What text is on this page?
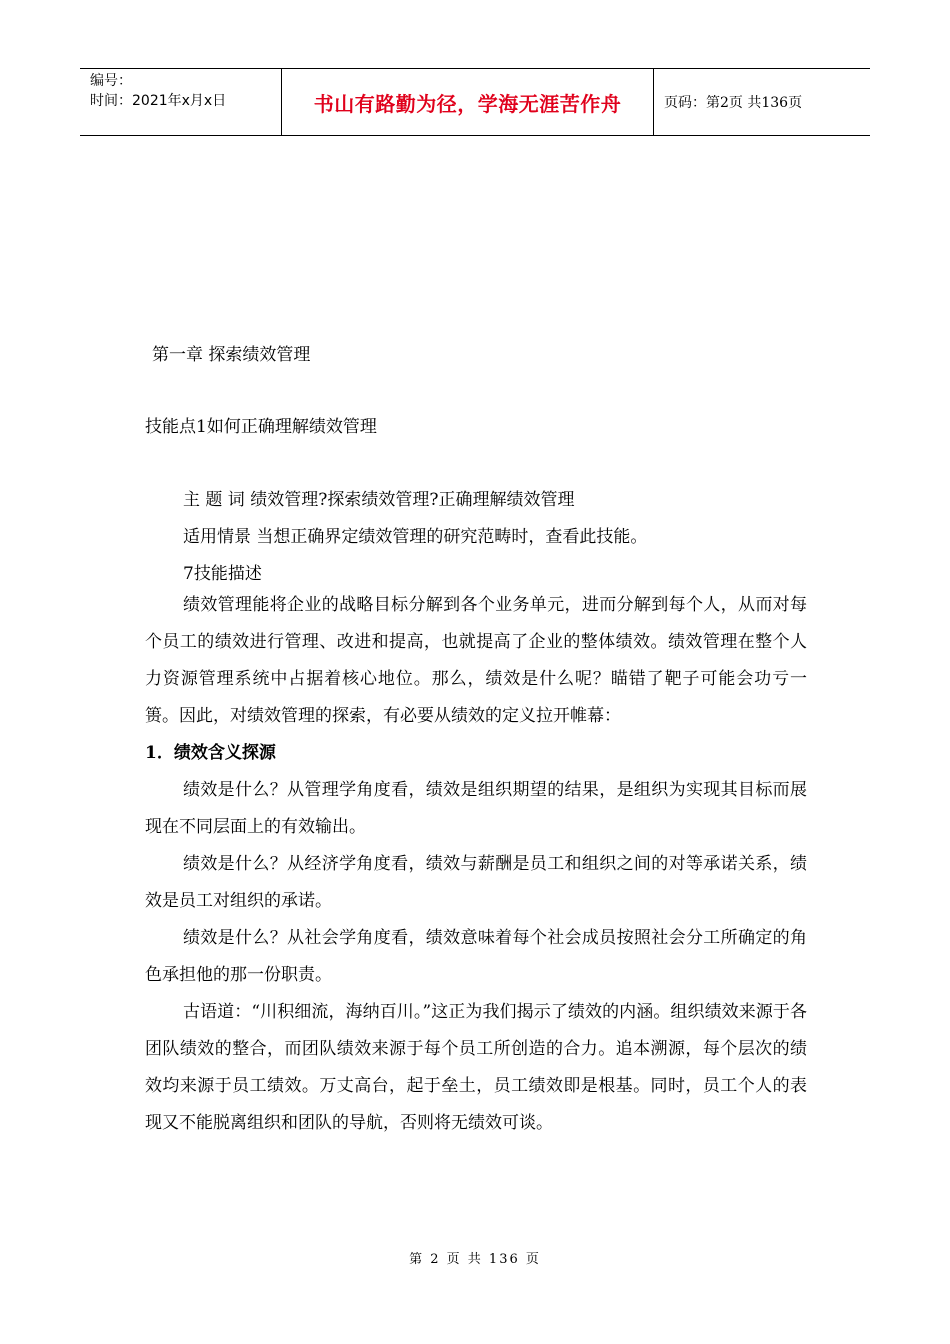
编号：
时间：2021年x月x日	书山有路勤为径，学海无涯苦作舟	页码：第2页 共136页
第一章 探索绩效管理
技能点1如何正确理解绩效管理
主 题 词 绩效管理?探索绩效管理?正确理解绩效管理
适用情景 当想正确界定绩效管理的研究范畴时，查看此技能。
7技能描述

绩效管理能将企业的战略目标分解到各个业务单元，进而分解到每个人，从而对每个员工的绩效进行管理、改进和提高，也就提高了企业的整体绩效。绩效管理在整个人力资源管理系统中占据着核心地位。那么，绩效是什么呢？瞄错了靶子可能会功亏一篑。因此，对绩效管理的探索，有必要从绩效的定义拉开帷幕：

1．绩效含义探源

绩效是什么？从管理学角度看，绩效是组织期望的结果，是组织为实现其目标而展现在不同层面上的有效输出。

绩效是什么？从经济学角度看，绩效与薪酬是员工和组织之间的对等承诺关系，绩效是员工对组织的承诺。

绩效是什么？从社会学角度看，绩效意味着每个社会成员按照社会分工所确定的角色承担他的那一份职责。

古语道：“川积细流，海纳百川。”这正为我们揭示了绩效的内涵。组织绩效来源于各团队绩效的整合，而团队绩效来源于每个员工所创造的合力。追本溯源，每个层次的绩效均来源于员工绩效。万丈高台，起于垒土，员工绩效即是根基。同时，员工个人的表现又不能脱离组织和团队的导航，否则将无绩效可谈。

第 2 页 共 136 页
